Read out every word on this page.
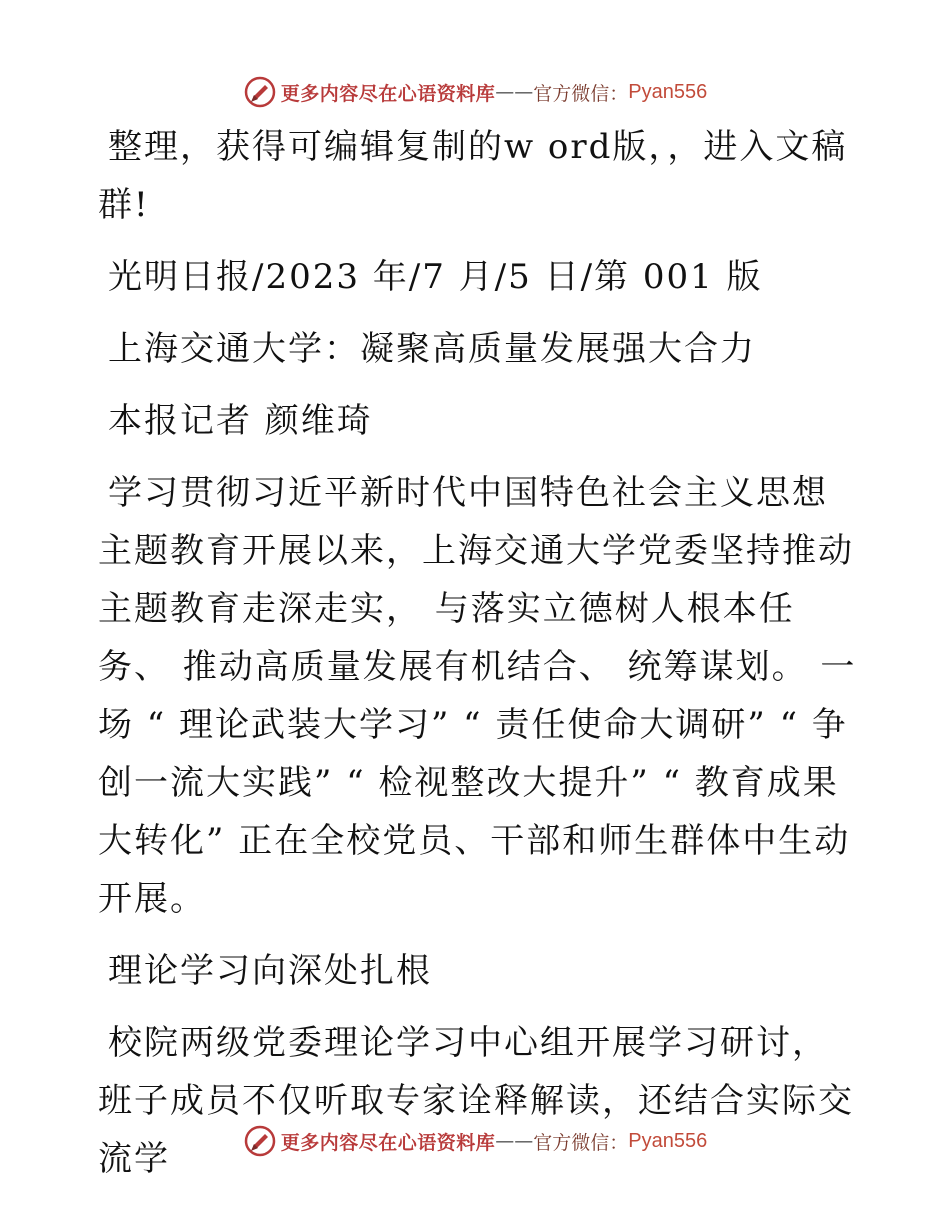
更多内容尽在心语资料库 —— 官方微信： Pyan556

整理，获得可编辑复制的w ord版，，进入文稿群!

光明日报/2023 年/7 月/5 日/第 001 版

上海交通大学：凝聚高质量发展强大合力

本报记者 颜维琦

学习贯彻习近平新时代中国特色社会主义思想主题教育开展以来，上海交通大学党委坚持推动主题教育走深走实， 与落实立德树人根本任务、 推动高质量发展有机结合、 统筹谋划。 一场 “ 理论武装大学习” “ 责任使命大调研” “ 争创一流大实践” “ 检视整改大提升” “ 教育成果大转化” 正在全校党员、干部和师生群体中生动开展。

理论学习向深处扎根

校院两级党委理论学习中心组开展学习研讨，班子成员不仅听取专家诠释解读，还结合实际交流学	更多内容尽在心语资料库 —— 官方微信： Pyan556
